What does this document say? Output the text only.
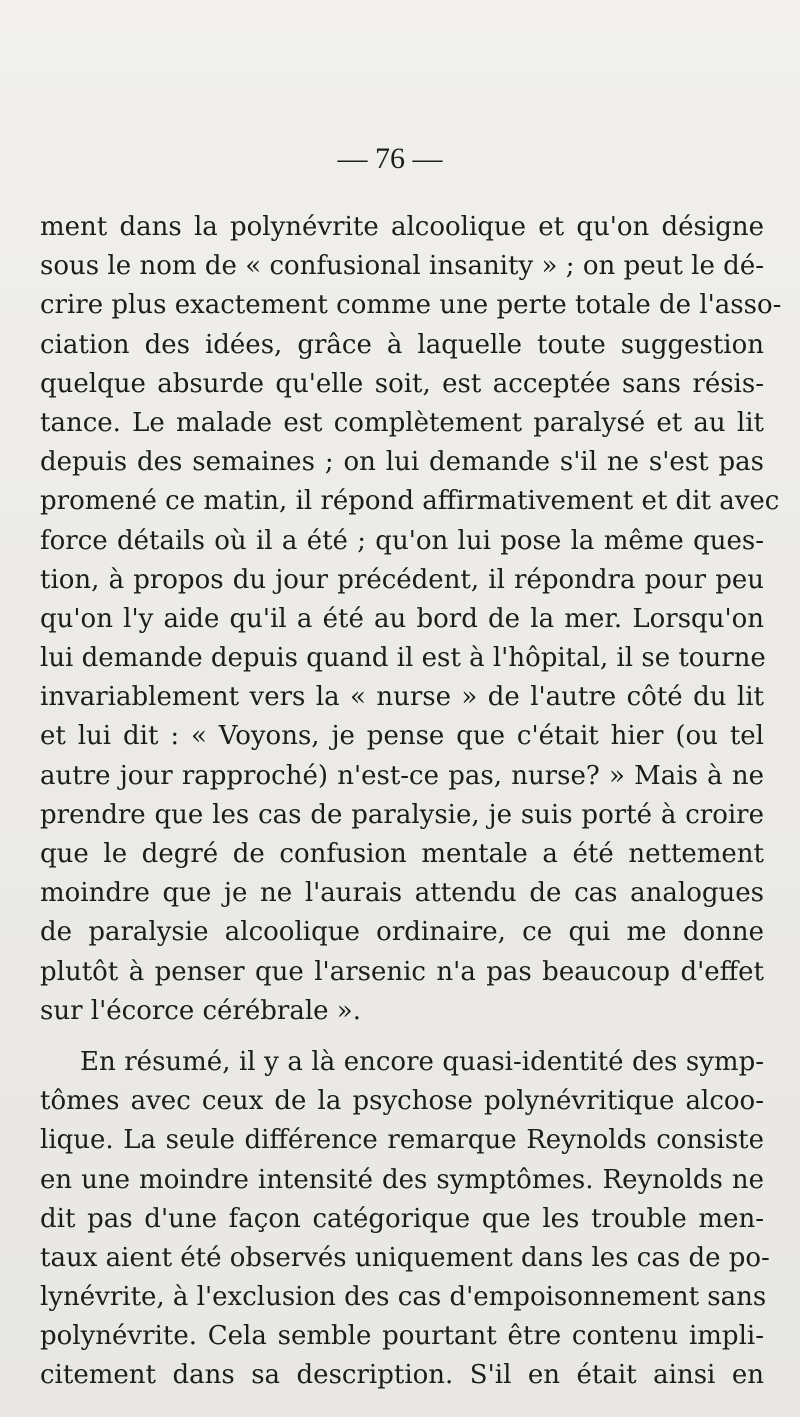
— 76 —
ment dans la polynévrite alcoolique et qu'on désigne
sous le nom de « confusional insanity » ; on peut le dé-
crire plus exactement comme une perte totale de l'asso-
ciation des idées, grâce à laquelle toute suggestion
quelque absurde qu'elle soit, est acceptée sans résis-
tance. Le malade est complètement paralysé et au lit
depuis des semaines ; on lui demande s'il ne s'est pas
promené ce matin, il répond affirmativement et dit avec
force détails où il a été ; qu'on lui pose la même ques-
tion, à propos du jour précédent, il répondra pour peu
qu'on l'y aide qu'il a été au bord de la mer. Lorsqu'on
lui demande depuis quand il est à l'hôpital, il se tourne
invariablement vers la « nurse » de l'autre côté du lit
et lui dit : « Voyons, je pense que c'était hier (ou tel
autre jour rapproché) n'est-ce pas, nurse? » Mais à ne
prendre que les cas de paralysie, je suis porté à croire
que le degré de confusion mentale a été nettement
moindre que je ne l'aurais attendu de cas analogues
de paralysie alcoolique ordinaire, ce qui me donne
plutôt à penser que l'arsenic n'a pas beaucoup d'effet
sur l'écorce cérébrale ».
En résumé, il y a là encore quasi-identité des symp-
tômes avec ceux de la psychose polynévritique alcoo-
lique. La seule différence remarque Reynolds consiste
en une moindre intensité des symptômes. Reynolds ne
dit pas d'une façon catégorique que les trouble men-
taux aient été observés uniquement dans les cas de po-
lynévrite, à l'exclusion des cas d'empoisonnement sans
polynévrite. Cela semble pourtant être contenu impli-
citement dans sa description. S'il en était ainsi en
